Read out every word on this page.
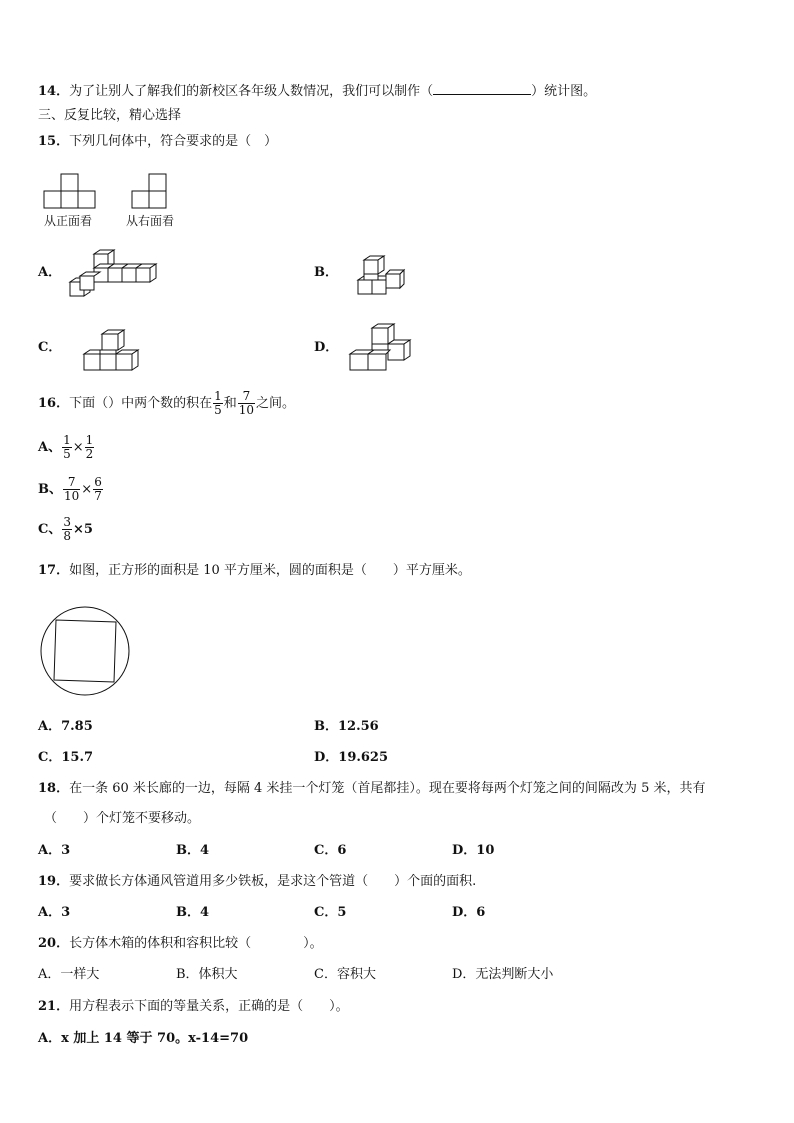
14．为了让别人了解我们的新校区各年级人数情况，我们可以制作（	）统计图。
三、反复比较，精心选择
15．下列几何体中，符合要求的是（　）
从正面看	从右面看
A．	B．
C．	D．
16．下面（）中两个数的积在 $\frac{1}{5}$ 和 $\frac{7}{10}$ 之间。
A、 $\frac{1}{5} \times \frac{1}{2}$
B、 $\frac{7}{10} \times \frac{6}{7}$
C、 $\frac{3}{8} \times 5$
17．如图，正方形的面积是 10 平方厘米，圆的面积是（　　）平方厘米。
A．7.85	B．12.56
C．15.7	D．19.625
18．在一条 60 米长廊的一边，每隔 4 米挂一个灯笼（首尾都挂）。现在要将每两个灯笼之间的间隔改为 5 米，共有
（　　）个灯笼不要移动。
A．3	B．4	C．6	D．10
19．要求做长方体通风管道用多少铁板，是求这个管道（　　）个面的面积.
A．3	B．4	C．5	D．6
20．长方体木箱的体积和容积比较（　　　　）。
A．一样大	B．体积大	C．容积大	D．无法判断大小
21．用方程表示下面的等量关系，正确的是（　　）。
A．x 加上 14 等于 70。x-14=70
